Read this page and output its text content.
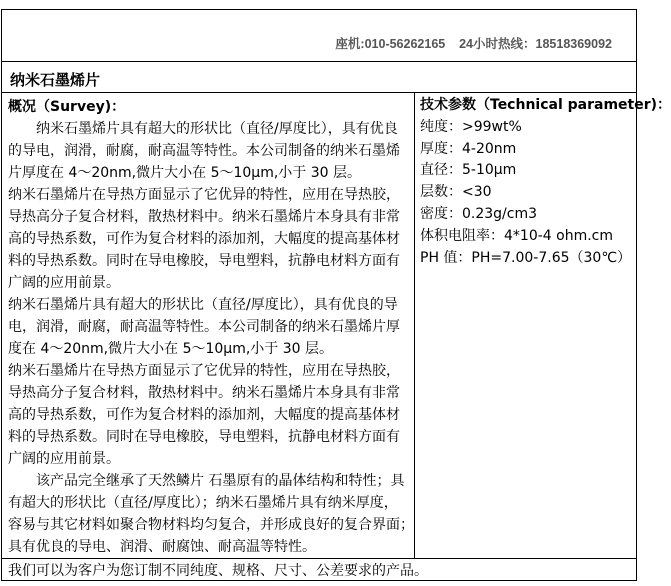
座机:010-56262165    24小时热线：18518369092
纳米石墨烯片
概况（Survey)：
　　纳米石墨烯片具有超大的形状比（直径/厚度比），具有优良
的导电，润滑，耐腐，耐高温等特性。本公司制备的纳米石墨烯
片厚度在 4～20nm,微片大小在 5～10μm,小于 30 层。
纳米石墨烯片在导热方面显示了它优异的特性，应用在导热胶，
导热高分子复合材料，散热材料中。纳米石墨烯片本身具有非常
高的导热系数，可作为复合材料的添加剂，大幅度的提高基体材
料的导热系数。同时在导电橡胶，导电塑料，抗静电材料方面有
广阔的应用前景。
纳米石墨烯片具有超大的形状比（直径/厚度比），具有优良的导
电，润滑，耐腐，耐高温等特性。本公司制备的纳米石墨烯片厚
度在 4～20nm,微片大小在 5～10μm,小于 30 层。
纳米石墨烯片在导热方面显示了它优异的特性，应用在导热胶，
导热高分子复合材料，散热材料中。纳米石墨烯片本身具有非常
高的导热系数，可作为复合材料的添加剂，大幅度的提高基体材
料的导热系数。同时在导电橡胶，导电塑料，抗静电材料方面有
广阔的应用前景。
　　该产品完全继承了天然鳞片 石墨原有的晶体结构和特性；具
有超大的形状比（直径/厚度比）；纳米石墨烯片具有纳米厚度，
容易与其它材料如聚合物材料均匀复合，并形成良好的复合界面；
具有优良的导电、润滑、耐腐蚀、耐高温等特性。
技术参数（Technical parameter)：
纯度：>99wt%
厚度：4-20nm
直径：5-10μm
层数：<30
密度：0.23g/cm3
体积电阻率：4*10-4 ohm.cm
PH 值：PH=7.00-7.65（30℃）
我们可以为客户为您订制不同纯度、规格、尺寸、公差要求的产品。
